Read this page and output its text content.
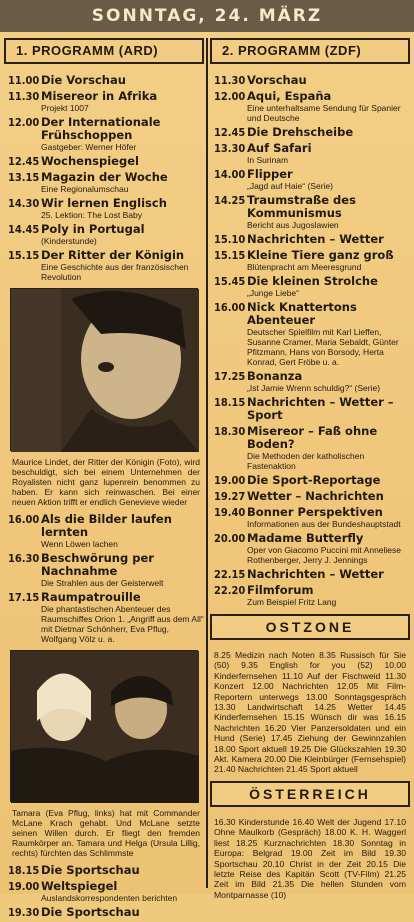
SONNTAG, 24. MÄRZ
1. PROGRAMM (ARD)
11.00 Die Vorschau
11.30 Misereor in Afrika
Projekt 1007
12.00 Der Internationale Frühschoppen
Gastgeber: Werner Höfer
12.45 Wochenspiegel
13.15 Magazin der Woche
Eine Regionalumschau
14.30 Wir lernen Englisch
25. Lektion: The Lost Baby
14.45 Poly in Portugal
(Kinderstunde)
15.15 Der Ritter der Königin
Eine Geschichte aus der französischen Revolution
Maurice Lindet, der Ritter der Königin (Foto), wird beschuldigt, sich bei einem Unternehmen der Royalisten nicht ganz lupenrein benommen zu haben. Er kann sich reinwaschen. Bei einer neuen Aktion trifft er endlich Genevieve wieder
16.00 Als die Bilder laufen lernten
Wenn Löwen lachen
16.30 Beschwörung per Nachnahme
Die Strahlen aus der Geisterwelt
17.15 Raumpatrouille
Die phantastischen Abenteuer des Raumschiffes Orion 1. „Angriff aus dem All“ mit Dietmar Schönherr, Eva Pflug, Wolfgang Völz u. a.
Tamara (Eva Pflug, links) hat mit Commander McLane Krach gehabt. Und McLane setzte seinen Willen durch. Er fliegt den fremden Raumkörper an. Tamara und Helga (Ursula Lillig, rechts) fürchten das Schlimmste
18.15 Die Sportschau
19.00 Weltspiegel
Auslandskorrespondenten berichten
19.30 Die Sportschau
2. PROGRAMM (ZDF)
11.30 Vorschau
12.00 Aqui, España
Eine unterhaltsame Sendung für Spanier und Deutsche
12.45 Die Drehscheibe
13.30 Auf Safari
In Surinam
14.00 Flipper
„Jagd auf Haie“ (Serie)
14.25 Traumstraße des Kommunismus
Bericht aus Jugoslawien
15.10 Nachrichten – Wetter
15.15 Kleine Tiere ganz groß
Blütenpracht am Meeresgrund
15.45 Die kleinen Strolche
„Junge Liebe“
16.00 Nick Knattertons Abenteuer
Deutscher Spielfilm mit Karl Lieffen, Susanne Cramer, Maria Sebaldt, Günter Pfitzmann, Hans von Borsody, Herta Konrad, Gert Fröbe u. a.
17.25 Bonanza
„Ist Jamie Wrenn schuldig?“ (Serie)
18.15 Nachrichten – Wetter – Sport
18.30 Misereor – Faß ohne Boden?
Die Methoden der katholischen Fastenaktion
19.00 Die Sport-Reportage
19.27 Wetter – Nachrichten
19.40 Bonner Perspektiven
Informationen aus der Bundeshauptstadt
20.00 Madame Butterfly
Oper von Giacomo Puccini mit Anneliese Rothenberger, Jerry J. Jennings
22.15 Nachrichten – Wetter
22.20 Filmforum
Zum Beispiel Fritz Lang
OSTZONE
8.25 Medizin nach Noten 8.35 Russisch für Sie (50) 9.35 English for you (52) 10.00 Kinderfernsehen 11.10 Auf der Fischweid 11.30 Konzert 12.00 Nachrichten 12.05 Mit Film-Reportern unterwegs 13.00 Sonntagsgespräch 13.30 Landwirtschaft 14.25 Wetter 14.45 Kinderfernsehen 15.15 Wünsch dir was 16.15 Nachrichten 16.20 Vier Panzersoldaten und ein Hund (Serie) 17.45 Ziehung der Gewinnzahlen 18.00 Sport aktuell 19.25 Die Glückszahlen 19.30 Akt. Kamera 20.00 Die Kleinbürger (Fernsehspiel) 21.40 Nachrichten 21.45 Sport aktuell
ÖSTERREICH
16.30 Kinderstunde 16.40 Welt der Jugend 17.10 Ohne Maulkorb (Gespräch) 18.00 K. H. Waggerl liest 18.25 Kurznachrichten 18.30 Sonntag in Europa: Belgrad 19.00 Zeit im Bild 19.30 Sportschau 20.10 Christ in der Zeit 20.15 Die letzte Reise des Kapitän Scott (TV-Film) 21.25 Zeit im Bild 21.35 Die hellen Stunden vom Montparnasse (10)
